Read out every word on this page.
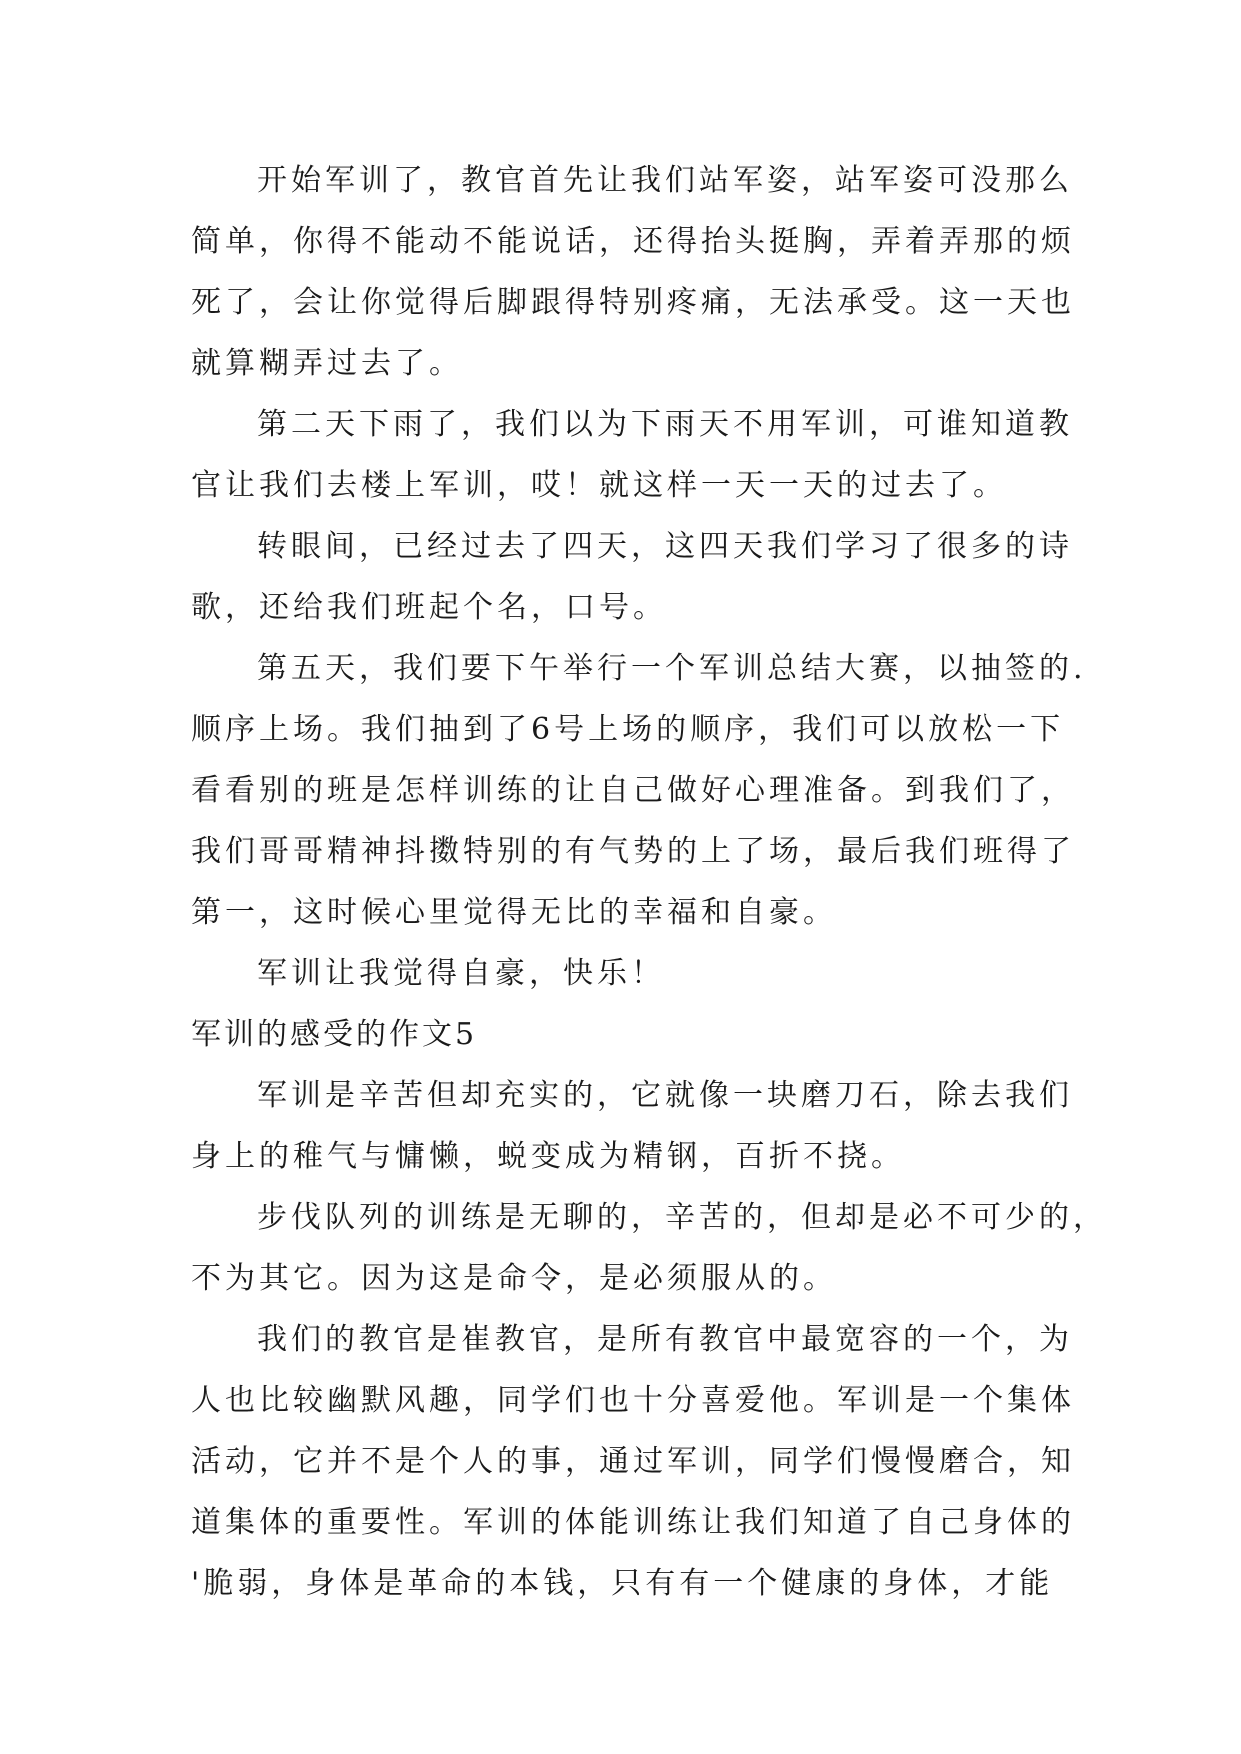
开始军训了，教官首先让我们站军姿，站军姿可没那么
简单，你得不能动不能说话，还得抬头挺胸，弄着弄那的烦
死了，会让你觉得后脚跟得特别疼痛，无法承受。这一天也
就算糊弄过去了。
第二天下雨了，我们以为下雨天不用军训，可谁知道教
官让我们去楼上军训，哎！就这样一天一天的过去了。
转眼间，已经过去了四天，这四天我们学习了很多的诗
歌，还给我们班起个名，口号。
第五天，我们要下午举行一个军训总结大赛，以抽签的.
顺序上场。我们抽到了6号上场的顺序，我们可以放松一下
看看别的班是怎样训练的让自己做好心理准备。到我们了，
我们哥哥精神抖擞特别的有气势的上了场，最后我们班得了
第一，这时候心里觉得无比的幸福和自豪。
军训让我觉得自豪，快乐！
军训的感受的作文5
军训是辛苦但却充实的，它就像一块磨刀石，除去我们
身上的稚气与慵懒，蜕变成为精钢，百折不挠。
步伐队列的训练是无聊的，辛苦的，但却是必不可少的，
不为其它。因为这是命令，是必须服从的。
我们的教官是崔教官，是所有教官中最宽容的一个，为
人也比较幽默风趣，同学们也十分喜爱他。军训是一个集体
活动，它并不是个人的事，通过军训，同学们慢慢磨合，知
道集体的重要性。军训的体能训练让我们知道了自己身体的
'脆弱，身体是革命的本钱，只有有一个健康的身体，才能
